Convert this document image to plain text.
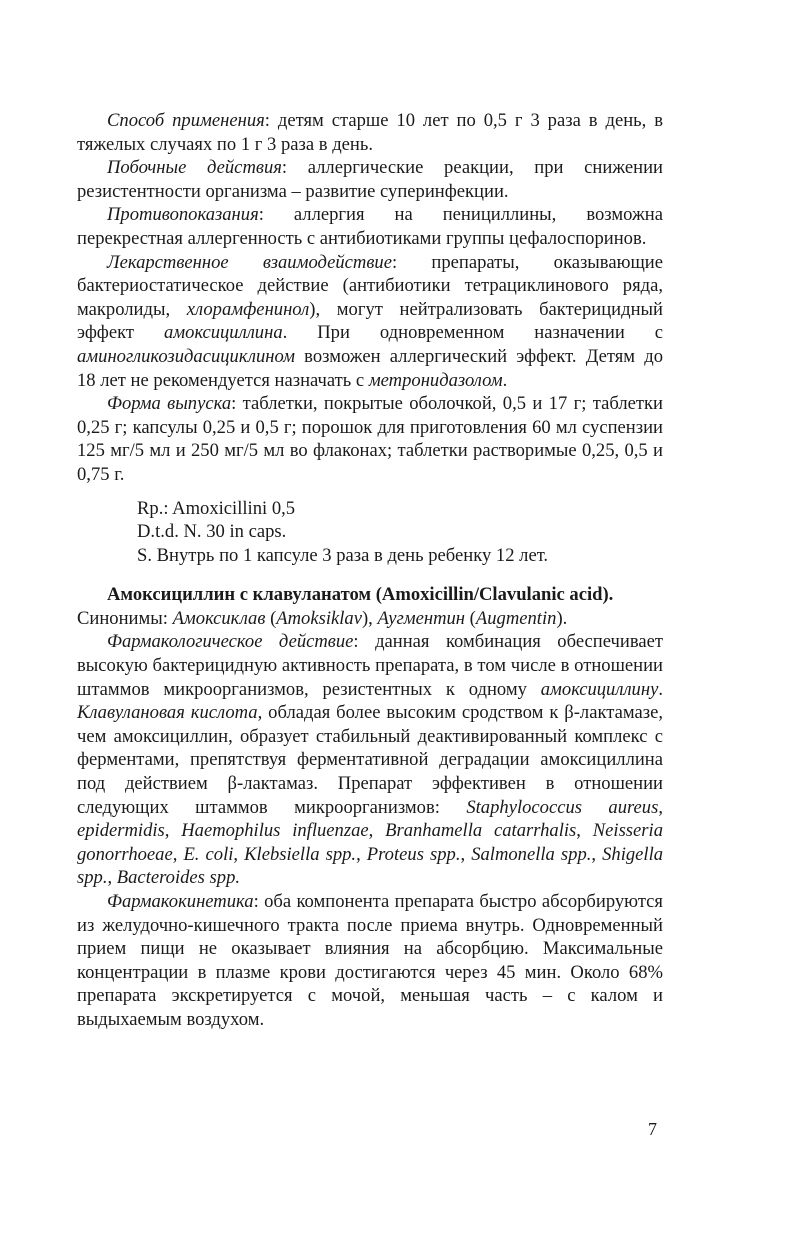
Способ применения: детям старше 10 лет по 0,5 г 3 раза в день, в тяжелых случаях по 1 г 3 раза в день.

Побочные действия: аллергические реакции, при снижении резистентности организма – развитие суперинфекции.

Противопоказания: аллергия на пенициллины, возможна перекрестная аллергенность с антибиотиками группы цефалоспоринов.

Лекарственное взаимодействие: препараты, оказывающие бактериостатическое действие (антибиотики тетрациклинового ряда, макролиды, хлорамфенинол), могут нейтрализовать бактерицидный эффект амоксициллина. При одновременном назначении с аминогликозидасициклином возможен аллергический эффект. Детям до 18 лет не рекомендуется назначать с метронидазолом.

Форма выпуска: таблетки, покрытые оболочкой, 0,5 и 17 г; таблетки 0,25 г; капсулы 0,25 и 0,5 г; порошок для приготовления 60 мл суспензии 125 мг/5 мл и 250 мг/5 мл во флаконах; таблетки растворимые 0,25, 0,5 и 0,75 г.

Rp.: Amoxicillini 0,5

D.t.d. N. 30 in caps.

S. Внутрь по 1 капсуле 3 раза в день ребенку 12 лет.

Амоксициллин с клавуланатом (Amoxicillin/Clavulanic acid).

Синонимы: Амоксиклав (Amoksiklav), Аугментин (Augmentin).

Фармакологическое действие: данная комбинация обеспечивает высокую бактерицидную активность препарата, в том числе в отношении штаммов микроорганизмов, резистентных к одному амоксициллину. Клавулановая кислота, обладая более высоким сродством к β-лактамазе, чем амоксициллин, образует стабильный деактивированный комплекс с ферментами, препятствуя ферментативной деградации амоксициллина под действием β-лактамаз. Препарат эффективен в отношении следующих штаммов микроорганизмов: Staphylococcus aureus, epidermidis, Haemophilus influenzae, Branhamella catarrhalis, Neisseria gonorrhoeae, E. coli, Klebsiella spp., Proteus spp., Salmonella spp., Shigella spp., Bacteroides spp.

Фармакокинетика: оба компонента препарата быстро абсорбируются из желудочно-кишечного тракта после приема внутрь. Одновременный прием пищи не оказывает влияния на абсорбцию. Максимальные концентрации в плазме крови достигаются через 45 мин. Около 68% препарата экскретируется с мочой, меньшая часть – с калом и выдыхаемым воздухом.

7
